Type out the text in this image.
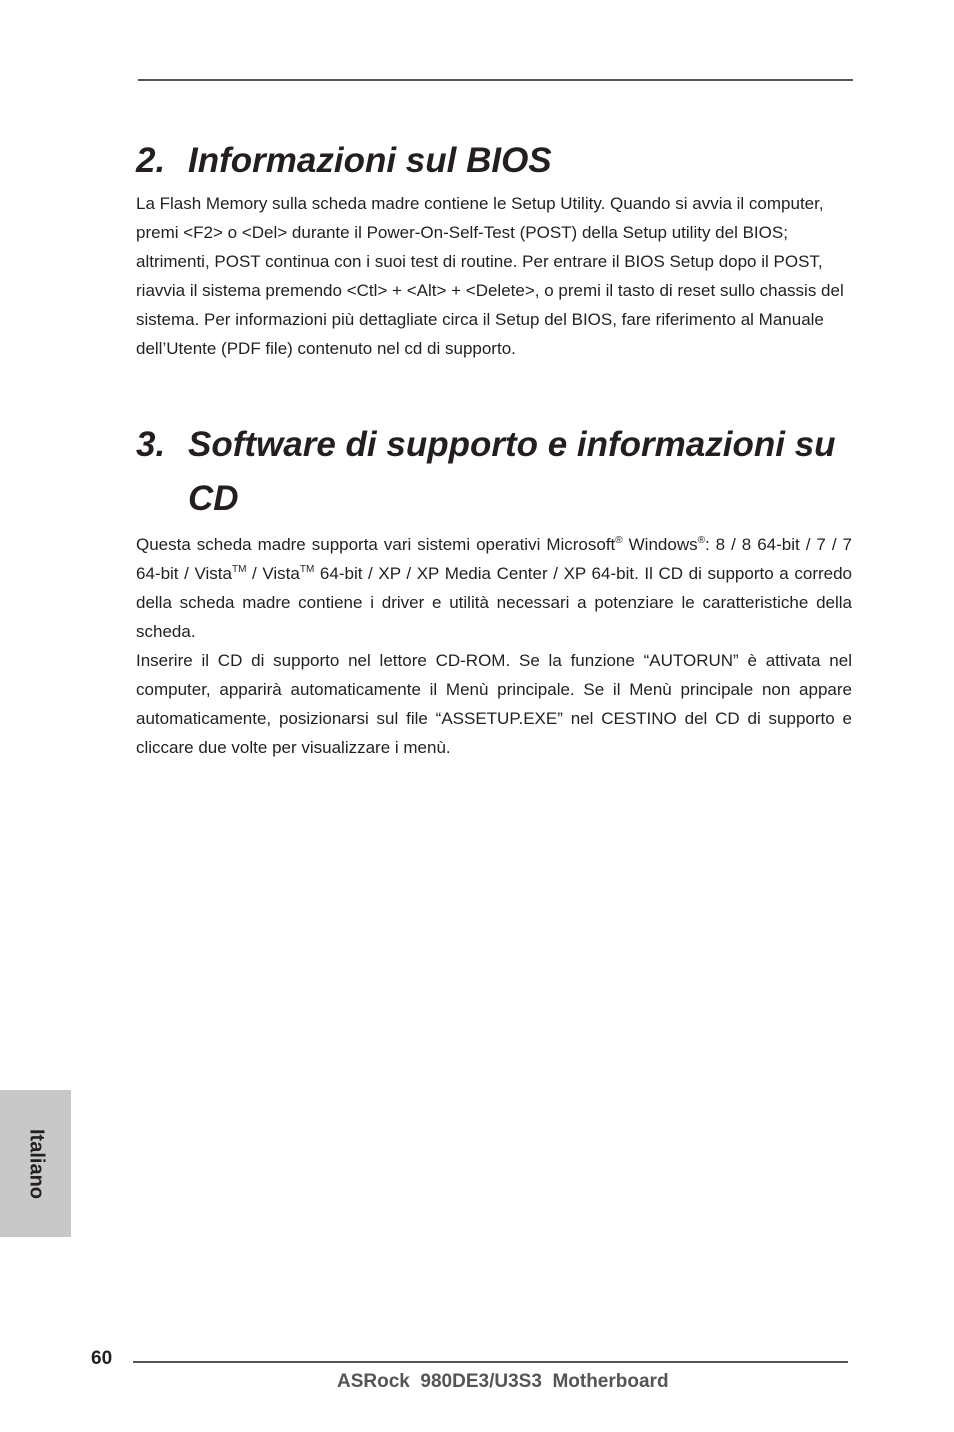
2. Informazioni sul BIOS

La Flash Memory sulla scheda madre contiene le Setup Utility. Quando si avvia il computer, premi <F2> o <Del> durante il Power-On-Self-Test (POST) della Setup utility del BIOS; altrimenti, POST continua con i suoi test di routine. Per entrare il BIOS Setup dopo il POST, riavvia il sistema premendo <Ctl> + <Alt> + <Delete>, o premi il tasto di reset sullo chassis del sistema. Per informazioni più dettagliate circa il Setup del BIOS, fare riferimento al Manuale dell’Utente (PDF file) contenuto nel cd di supporto.

3. Software di supporto e informazioni su CD

Questa scheda madre supporta vari sistemi operativi Microsoft® Windows®: 8 / 8 64-bit / 7 / 7 64-bit / Vista™ / Vista™ 64-bit / XP / XP Media Center / XP 64-bit. Il CD di supporto a corredo della scheda madre contiene i driver e utilità necessari a potenziare le caratteristiche della scheda.

Inserire il CD di supporto nel lettore CD-ROM. Se la funzione “AUTORUN” è attivata nel computer, apparirà automaticamente il Menù principale. Se il Menù principale non appare automaticamente, posizionarsi sul file “ASSETUP.EXE” nel CESTINO del CD di supporto e cliccare due volte per visualizzare i menù.

Italiano
60
ASRock  980DE3/U3S3  Motherboard
